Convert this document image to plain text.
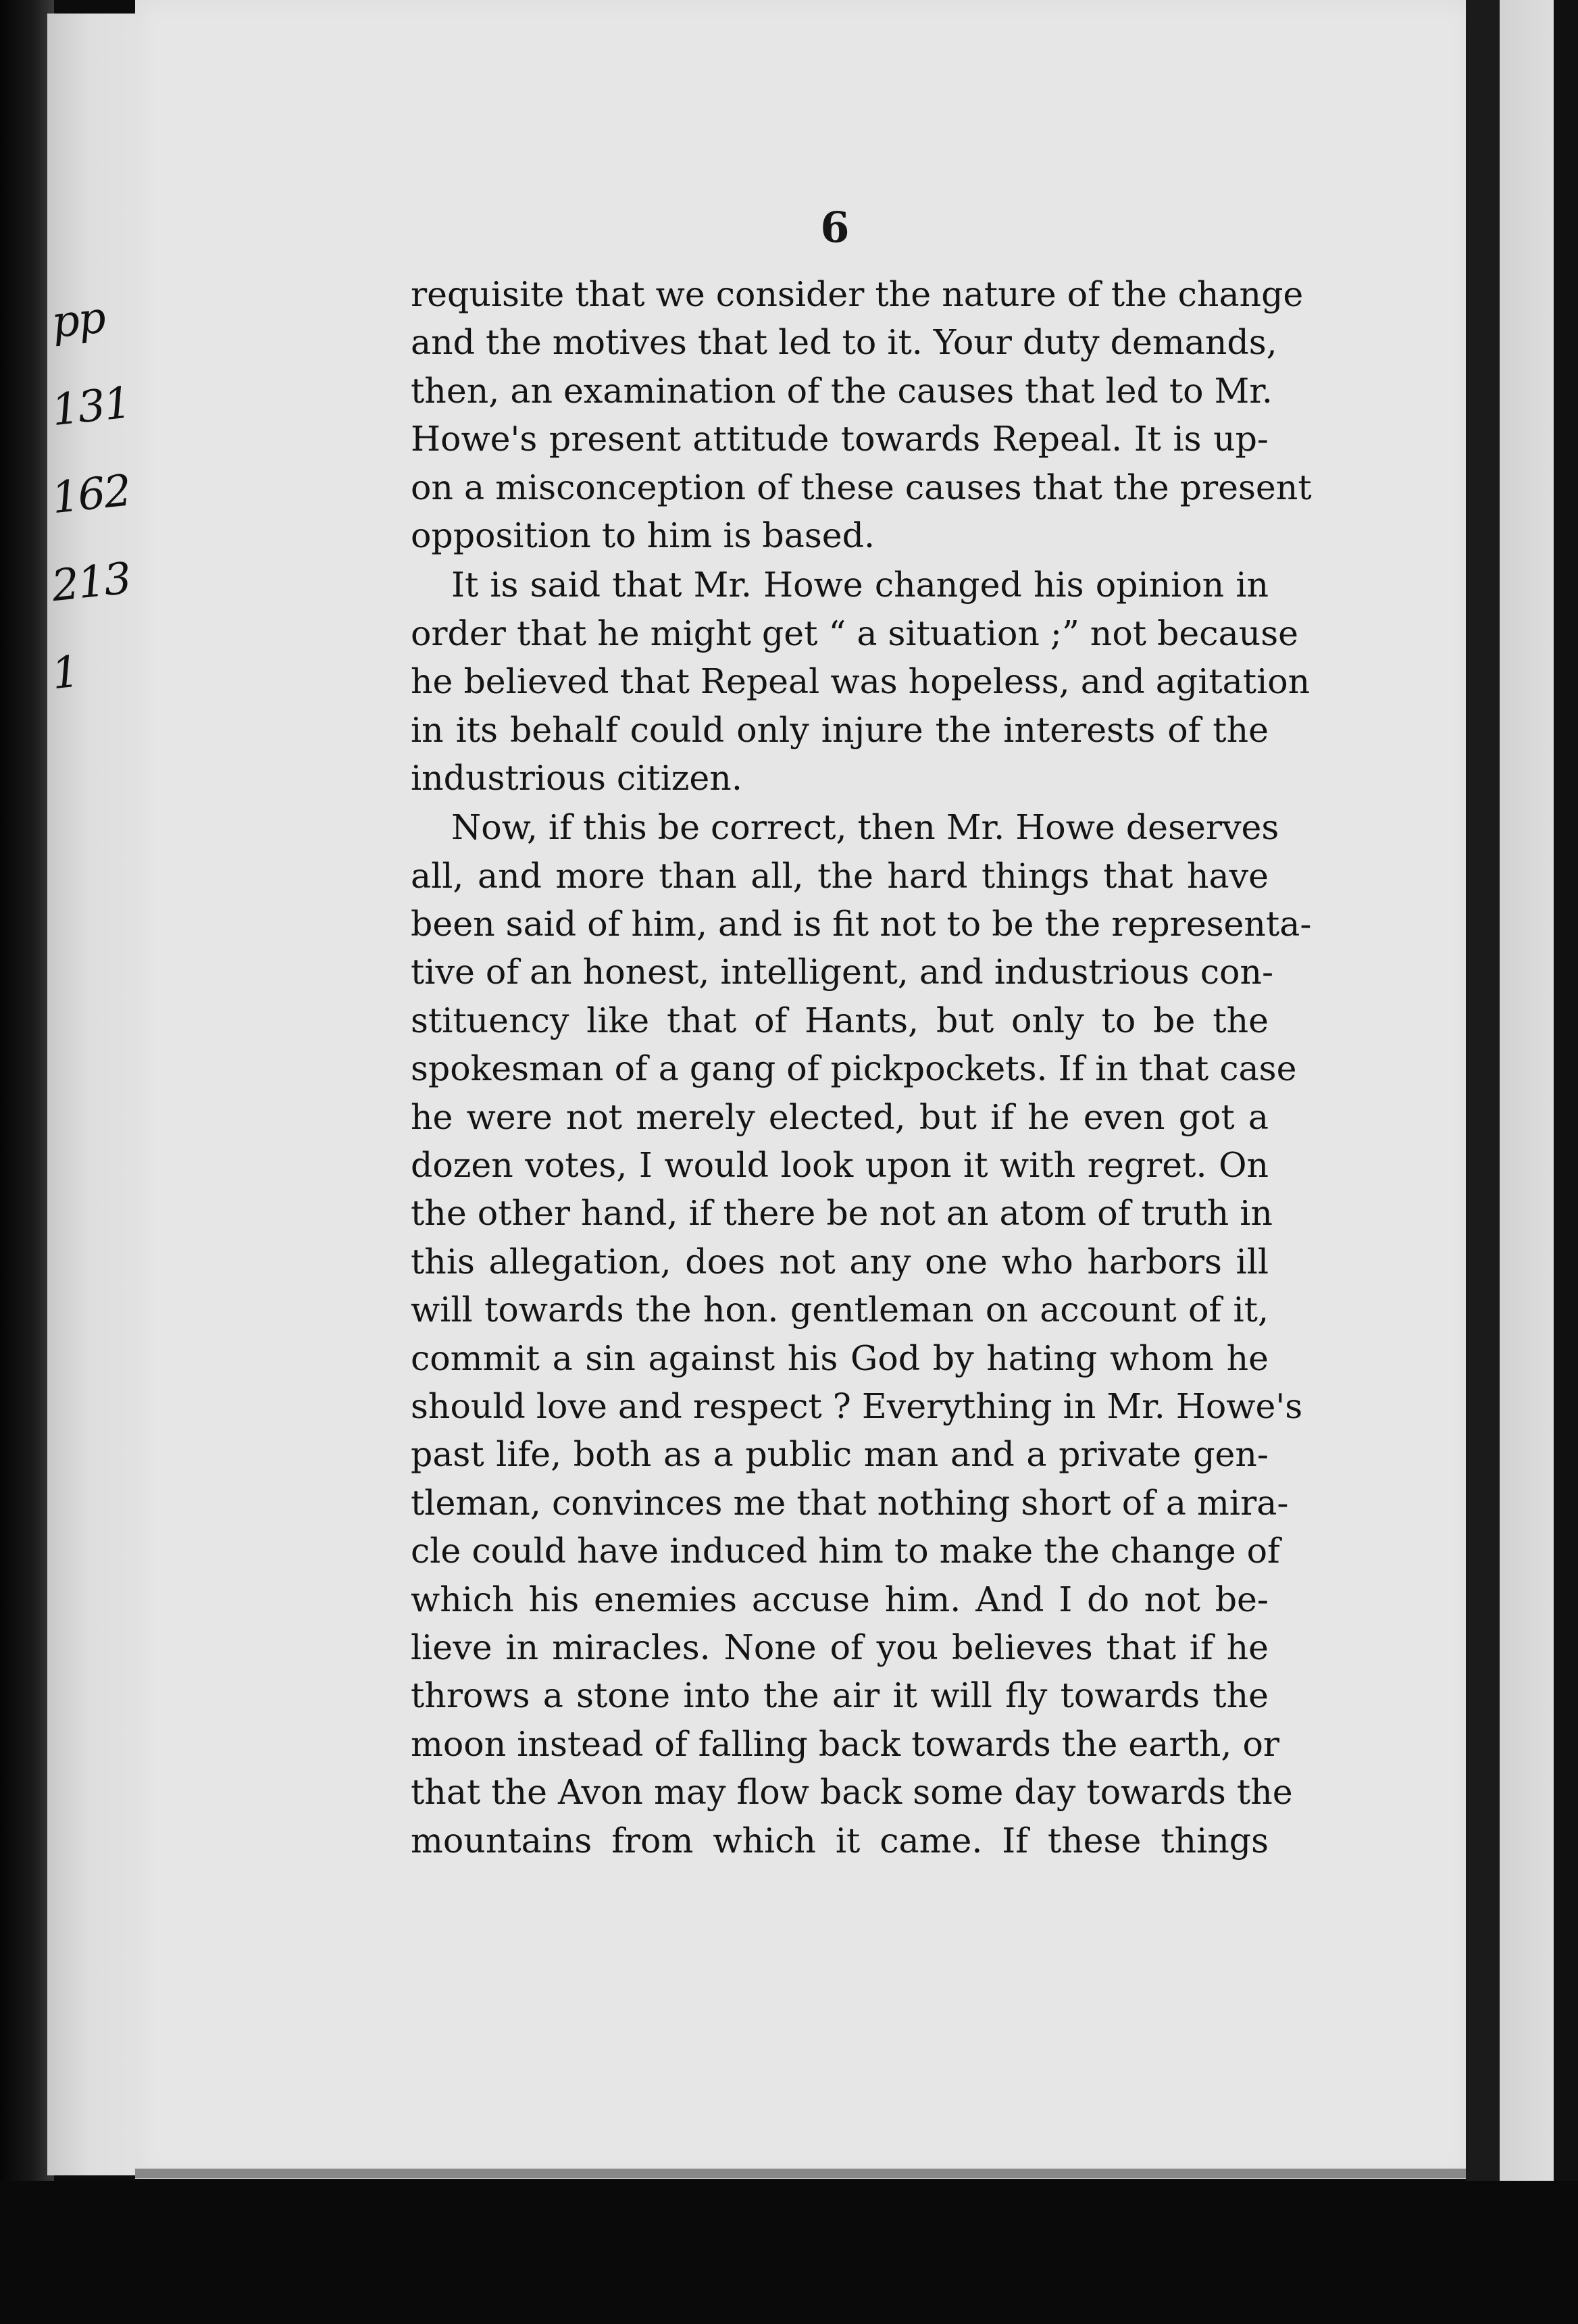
pp
131
162
213
1
6
requisite that we consider the nature of the change
and the motives that led to it. Your duty demands,
then, an examination of the causes that led to Mr.
Howe's present attitude towards Repeal. It is up-
on a misconception of these causes that the present
opposition to him is based.
It is said that Mr. Howe changed his opinion in
order that he might get “ a situation ;” not because
he believed that Repeal was hopeless, and agitation
in its behalf could only injure the interests of the
industrious citizen.
Now, if this be correct, then Mr. Howe deserves
all, and more than all, the hard things that have
been said of him, and is fit not to be the representa-
tive of an honest, intelligent, and industrious con-
stituency like that of Hants, but only to be the
spokesman of a gang of pickpockets. If in that case
he were not merely elected, but if he even got a
dozen votes, I would look upon it with regret. On
the other hand, if there be not an atom of truth in
this allegation, does not any one who harbors ill
will towards the hon. gentleman on account of it,
commit a sin against his God by hating whom he
should love and respect ? Everything in Mr. Howe's
past life, both as a public man and a private gen-
tleman, convinces me that nothing short of a mira-
cle could have induced him to make the change of
which his enemies accuse him. And I do not be-
lieve in miracles. None of you believes that if he
throws a stone into the air it will fly towards the
moon instead of falling back towards the earth, or
that the Avon may flow back some day towards the
mountains from which it came. If these things
